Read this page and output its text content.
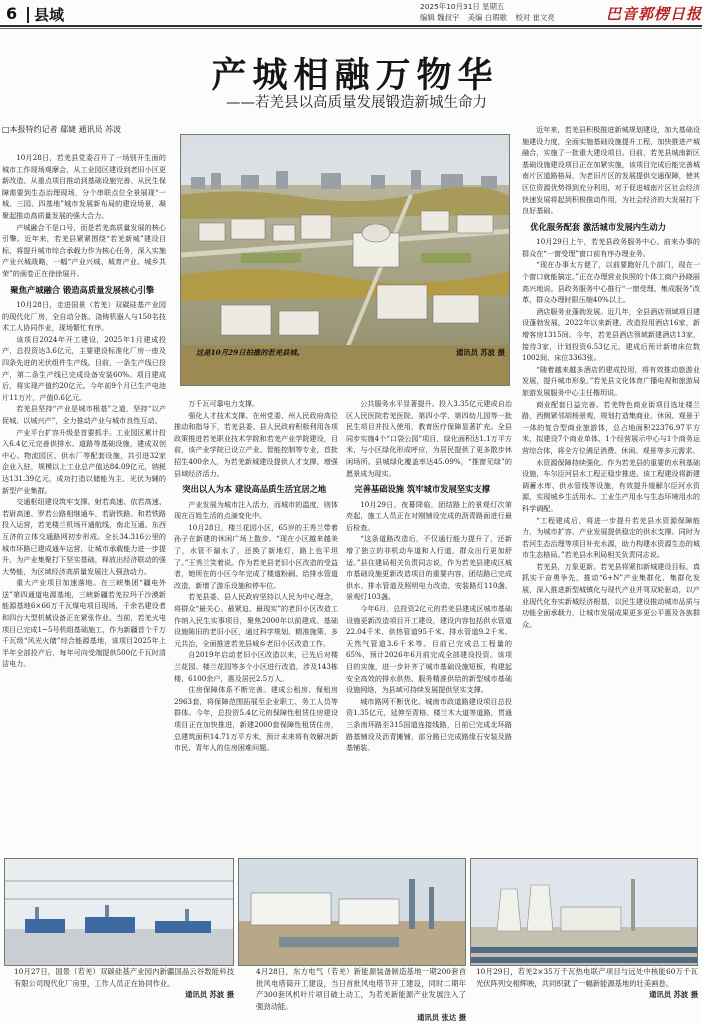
6 县域	2025年10月31日 星期五
编辑 魏叔宇 美编 白瑕歌 校对 崔文亮	巴音郭楞日报
产城相融万物华
——若羌县以高质量发展锻造新城生命力
□本报特约记者 鄢婕 通讯员 苏波
这是10月29日拍摄的若羌县城。	通讯员 苏波 摄

10月28日，若羌县党委召开了一场别开生面的城市工作现场观摩会，从工业园区建设到老旧小区更新改造、从重点项目推动到基础设施完善、从民生保障需要到生态治理现场，分个串联点位全景展现“一城、三园、四基地”城市发展新布局的建设场景，凝聚起推动高质量发展的强大合力。

产城融合不是口号，而是若羌高质量发展的核心引擎。近年来，若羌县紧紧围绕“若羌新城”建设目标，将提升城市综合承载力作为核心任务，深入实施产业兴城战略，一幅“产业兴城、城育产业、城乡共荣”的画卷正在徐徐展开。

聚焦产城融合 锻造高质量发展核心引擎

10月28日，走进国景（若羌）双碳硅基产业园的现代化厂房，全自动分拣、浇铸机器人与150名技术工人协同作业，现场繁忙有序。

该项目2024年开工建设，2025年1月建成投产，总投资达3.6亿元，主要建设标准化厂房一座及四条先进的光伏组件生产线。目前，一条生产线已投产，第二条生产线已完成设备安装60%。项目建成后，将实现产值约20亿元。今年前9个月已生产电池片11万片，产值0.6亿元。

若羌县坚持“产业是城市根基”之道，坚持“以产促城、以城兴产”，全力推动产业与城市良性互动。

产业平台扩容升级是首要抓手。工业园区累计投入6.4亿元完善供排水、道路等基础设施，建成双创中心、物流园区、供水厂等配套设施，共引进32家企业入驻，规模以上工业总产值达84.09亿元，纳税达131.39亿元，成功打造以储能为主、光伏为辅的新型产业集群。

交通枢纽建设筑牢支撑。射若高速、依若高速、若尉高速、罗若公路相继通车，若尉铁路、和若铁路投入运营，若羌楼兰机场开通航线，南北互通、东西互济的立体交通路网初步形成。全长34.316公里的城市环路已建成通车运营，让城市承载能力进一步提升，为产业集聚打下坚实基础，释放出经济联动的强大势能，为区域经济高质量发展注入强劲动力。

重大产业项目加速落地。在三峡集团“疆电外送”第四通道电源基地，三峡新疆若羌拉玛干沙漠新能源基地6×66万千瓦煤电项目现场，千余名建设者和四台大型机械设备正在紧张作业。当前，若羌火电项目已完成1~5号机组基础施工，作为新疆首个千万千瓦级“风光火储”综合能源基地，该项目2025年上半年全部投产后，每年可向受端提供500亿千瓦时清洁电力。

万千瓦可靠电力支撑。

强化人才技术支撑。在州党委、州人民政府高位推动和指导下，若羌县委、县人民政府积极利用各项政策推进若羌职业技术学院和若羌产业学院建设，目前，该产业学院已设立产业、智能控制等专业，首批招生400余人，为若羌新城建设提供人才支撑，增强县域经济活力。

突出以人为本 建设高品质生活宜居之地

产业发展为城市注入活力，而城市的温度，则体现在百姓生活的点滴变化中。

10月28日，楼兰花园小区，65岁的王秀兰带着孙子在新建的休闲广场上散步。“现在小区越来越美了，水管不漏水了，还换了新地灯，路上也平坦了。”王秀兰笑着说。作为若羌县老旧小区改造的受益者，她所在的小区今年完成了楼道粉刷、给排水管道改造，新增了游乐设施和停车位。

若羌县委、县人民政府坚持以人民为中心理念，将群众“最关心、最紧迫、最现实”的老旧小区改造工作纳入民生实事项目，聚焦2000年以前建成、基础设施陈旧的老旧小区，通过科学规划、精准施策、多元共治，全面推进若羌县城乡老旧小区改造工作。

自2019年启动老旧小区改造以来，已先后对楼兰花园、楼兰花园等多个小区进行改造，涉及143栋楼、6100余户，惠及居民2.5万人。

住房保障体系不断完善。建成公租房、保租房2963套，将保障范围拓展至企业职工、务工人员等群体。今年，总投资5.4亿元的保障性租赁住房建设项目正在加快推进，新建2000套保障性租赁住房，总建筑面积14.71万平方米，预计未来将有效解决新市民、青年人的住房困难问题。

公共服务水平显著提升。投入3.35亿元建成自治区人民医院若羌医院、第四小学、第四幼儿园等一批民生项目并投入使用，教育医疗保障显著扩充。全县同步实施4个“口袋公园”项目，绿化面积达1.1万平方米，与小区绿化形成呼应，为居民提供了更多散步休闲场所。县城绿化覆盖率达45.09%，“推窗见绿”的愿景成为现实。

完善基础设施 筑牢城市发展坚实支撑

10月29日，夜幕降临，团结路上的景观灯次第亮起，施工人员正在对刚铺设完成的沥青路面进行最后检查。

“这条道路改造后，不仅通行能力提升了，还新增了独立的非机动车道和人行道，群众出行更加舒适。”县住建局相关负责同志说，作为若羌县建成区城市基础设施更新改造项目的重要内容，团结路已完成供水、排水管道及照明电力改造，安装路灯110盏、景观灯103盏。

今年6月，总投资2亿元的若羌县建成区城市基础设施更新改造项目开工建设，建设内容包括供水管道22.04千米、供热管道95千米、排水管道9.2千米、天然气管道3.6千米等。目前已完成总工程量的65%，预计2026年6月前完成全部建设投资。该项目的实施，进一步补齐了城市基础设施短板，构建起安全高效的排水供热、服务精准供给的新型城市基础设施网络，为县域可持续发展提供坚实支撑。

城市路网不断优化。城南市政道路建设项目总投资1.35亿元，延伸至青格、楼兰木大道等道路，贯通三条南环路至315国道连接线路，日前已完成北环路路基铺设及沥青摊铺，部分路已完成路缘石安装及路基铺装。

近年来，若羌县积极推进新城规划建设，加大基础设施建设力度，全面实施基础设施提升工程，加快推进产城融合，实施了一批重大建设项目。目前，若羌县城南新区基础设施建设项目正在加紧实施，该项目完成后能完善城南片区道路格局，为老旧片区的发展提供交通保障，使其区位资源优势得到充分利用，对于促进城南片区社会经济快速发展将起到积极推动作用，为社会经济的大发展打下良好基础。

优化服务配套 激活城市发展内生动力

10月29日上午，若羌县政务服务中心。前来办事的群众在“一窗受理”窗口前有序办理业务。

“现在办事太方便了，以前要跑好几个部门，现在一个窗口就能搞定。”正在办理营业执照的个体工商户孙晓丽高兴地说。县政务服务中心推行“一窗受理、集成服务”改革，群众办理时限压缩40%以上。

酒店服务业蓬勃发展。近几年，全县酒店领域项目建设蓬勃发展，2022年以来新建、改造投用酒店16家，新增客房1315间。今年，若羌县酒店领域新建酒店13家，接待3家，计划投资6.53亿元，建成后预计新增床位数1002间、床位3363张。

“随着越来越多酒店的建成投用，将有效推动旅游业发展，提升城市形象。”若羌县文化体育广播电视和旅游局旅游发展服务中心主任楷玥说。

商业配套日益完善。若羌特色商业街项目选址楼兰路，西侧紧邻胡杨景观，规划打造集商业、休闲、观景于一体的复合型商业旅游体，总占地面积22376.97平方米，拟建设7个商业单体、1个经营展示中心与1个商务运营综合体，将全方位满足消费、休闲、观景等多元需求。

水资源保障持续强化。作为若羌县的重要的水利基础设施，车尔臣河县水工程正稳步推进。该工程建设将新建调蓄水库、供水管线等设施，有效提升缓解尔臣河水资源，实现城乡生活用水、工业生产用水与生态环境用水的科学调配。

“工程建成后，将进一步提升若羌县水资源保障能力，为城市扩容、产业发展提供稳定的供水支撑。同时为若河生态治理等项目补充水源，助力构建水资源生态的城市生态格局。”若羌县水利局相关负责同志说。

若羌县，万象更新。若羌县将紧扣新城建设目标，真抓实干奋勇争先，推动“6+N”产业集群化、集群化发展，深入推进新型城镇化与现代产业并驾双轮驱动，以产业现代化夯实新城经济根基，以民生建设推动城市品质与功能全面承载力，让城市发展成果更多更公平惠及各族群众。

10月27日，国景（若羌）双碳硅基产业园内新疆国晶云谷数能科技有限公司现代化厂房里，工作人员正在协同作业。
通讯员 苏波 摄
4月28日，东方电气（若羌）新能源装备制造基地一期200套首批风电塔筒开工建设，当日首批风电塔节开工建设，同时二期年产300套风机叶片项目破土动工，为若羌新能源产业发展注入了强劲动能。
通讯员 张达 摄
10月29日，若羌2×35万千瓦热电联产项目与远处中核能60万千瓦光伏阵列交相辉映，共同织就了一幅新能源基地的壮美画卷。
通讯员 苏波 摄
